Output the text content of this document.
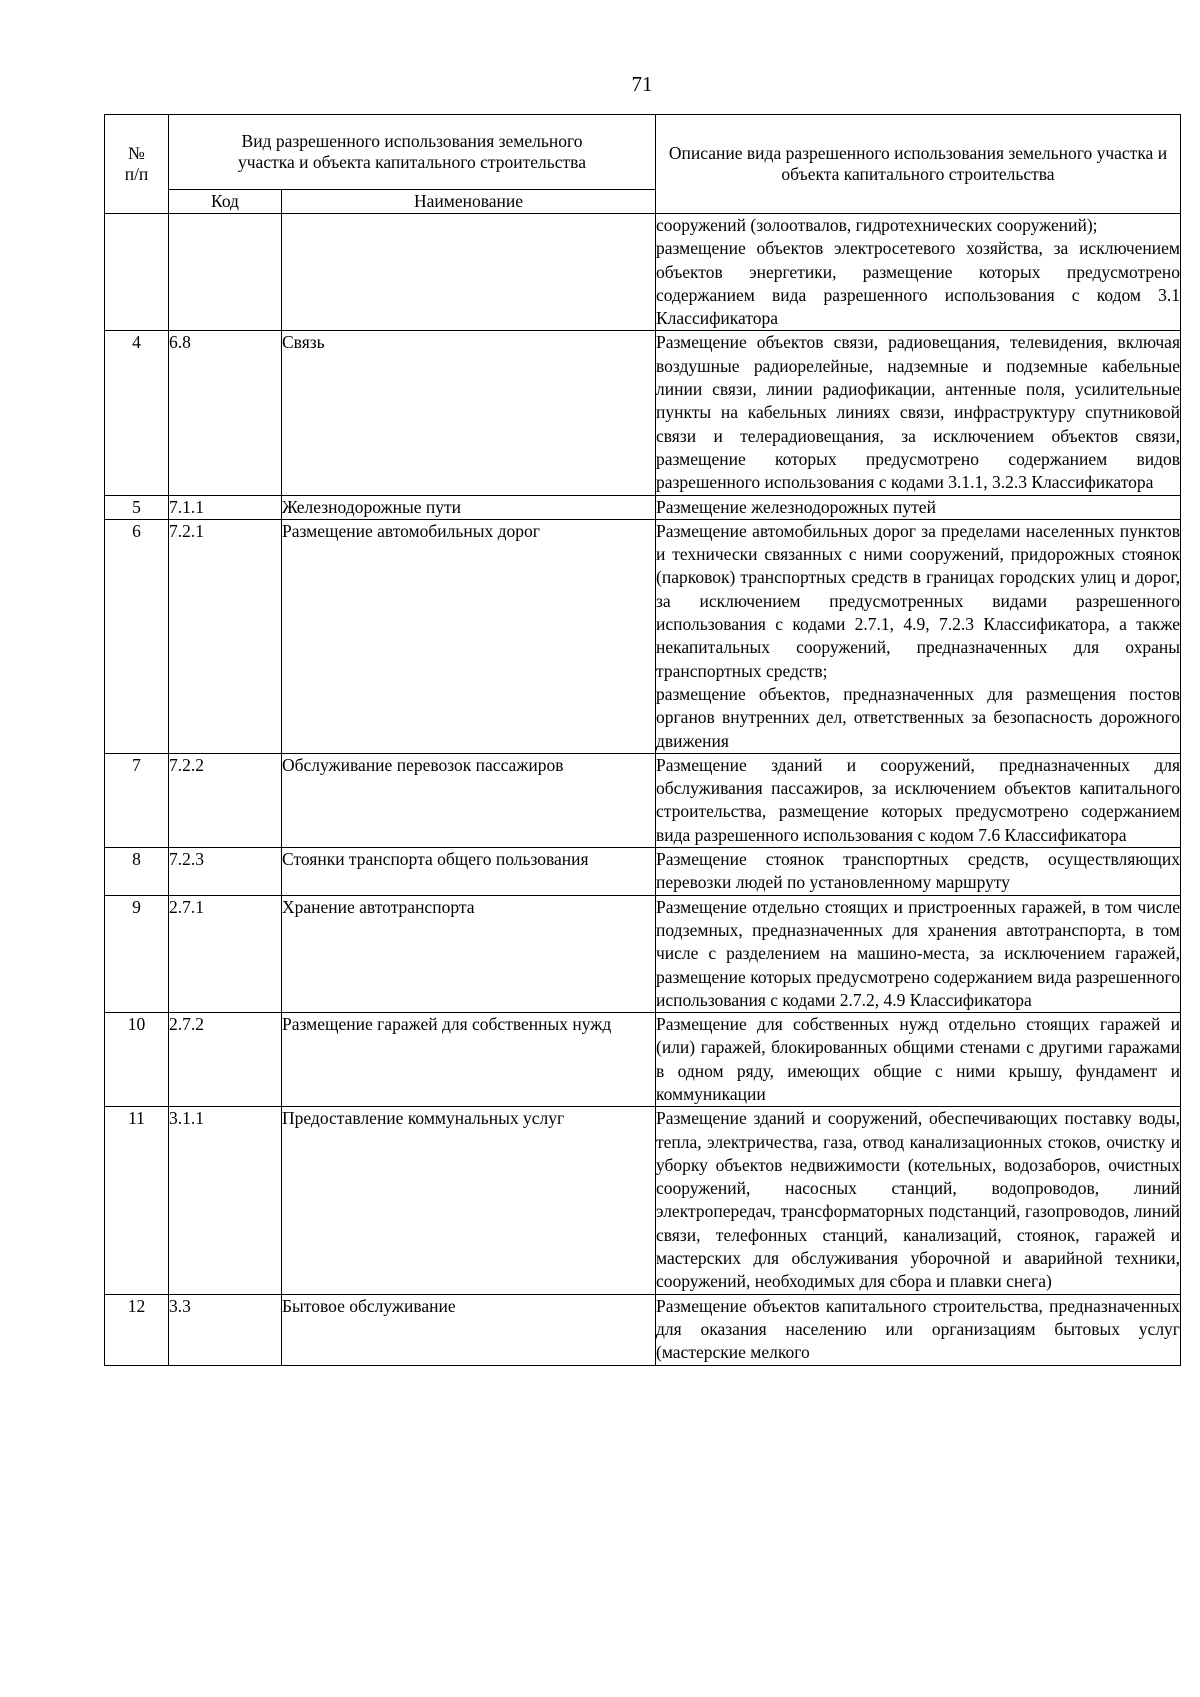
71
№ п/п	Вид разрешенного использования земельного участка и объекта капитального строительства		Описание вида разрешенного использования земельного участка и объекта капитального строительства
	Код	Наименование	

			сооружений (золоотвалов, гидротехнических сооружений);

размещение объектов электросетевого хозяйства, за исключением объектов энергетики, размещение которых предусмотрено содержанием вида разрешенного использования с кодом 3.1 Классификатора

4	6.8	Связь	Размещение объектов связи, радиовещания, телевидения, включая воздушные радиорелейные, надземные и подземные кабельные линии связи, линии радиофикации, антенные поля, усилительные пункты на кабельных линиях связи, инфраструктуру спутниковой связи и телерадиовещания, за исключением объектов связи, размещение которых предусмотрено содержанием видов разрешенного использования с кодами 3.1.1, 3.2.3 Классификатора

5	7.1.1	Железнодорожные пути	Размещение железнодорожных путей

6	7.2.1	Размещение автомобильных дорог	Размещение автомобильных дорог за пределами населенных пунктов и технически связанных с ними сооружений, придорожных стоянок (парковок) транспортных средств в границах городских улиц и дорог, за исключением предусмотренных видами разрешенного использования с кодами 2.7.1, 4.9, 7.2.3 Классификатора, а также некапитальных сооружений, предназначенных для охраны транспортных средств;

размещение объектов, предназначенных для размещения постов органов внутренних дел, ответственных за безопасность дорожного движения

7	7.2.2	Обслуживание перевозок пассажиров	Размещение зданий и сооружений, предназначенных для обслуживания пассажиров, за исключением объектов капитального строительства, размещение которых предусмотрено содержанием вида разрешенного использования с кодом 7.6 Классификатора

8	7.2.3	Стоянки транспорта общего пользования	Размещение стоянок транспортных средств, осуществляющих перевозки людей по установленному маршруту

9	2.7.1	Хранение автотранспорта	Размещение отдельно стоящих и пристроенных гаражей, в том числе подземных, предназначенных для хранения автотранспорта, в том числе с разделением на машино-места, за исключением гаражей, размещение которых предусмотрено содержанием вида разрешенного использования с кодами 2.7.2, 4.9 Классификатора

10	2.7.2	Размещение гаражей для собственных нужд	Размещение для собственных нужд отдельно стоящих гаражей и (или) гаражей, блокированных общими стенами с другими гаражами в одном ряду, имеющих общие с ними крышу, фундамент и коммуникации

11	3.1.1	Предоставление коммунальных услуг	Размещение зданий и сооружений, обеспечивающих поставку воды, тепла, электричества, газа, отвод канализационных стоков, очистку и уборку объектов недвижимости (котельных, водозаборов, очистных сооружений, насосных станций, водопроводов, линий электропередач, трансформаторных подстанций, газопроводов, линий связи, телефонных станций, канализаций, стоянок, гаражей и мастерских для обслуживания уборочной и аварийной техники, сооружений, необходимых для сбора и плавки снега)

12	3.3	Бытовое обслуживание	Размещение объектов капитального строительства, предназначенных для оказания населению или организациям бытовых услуг (мастерские мелкого
